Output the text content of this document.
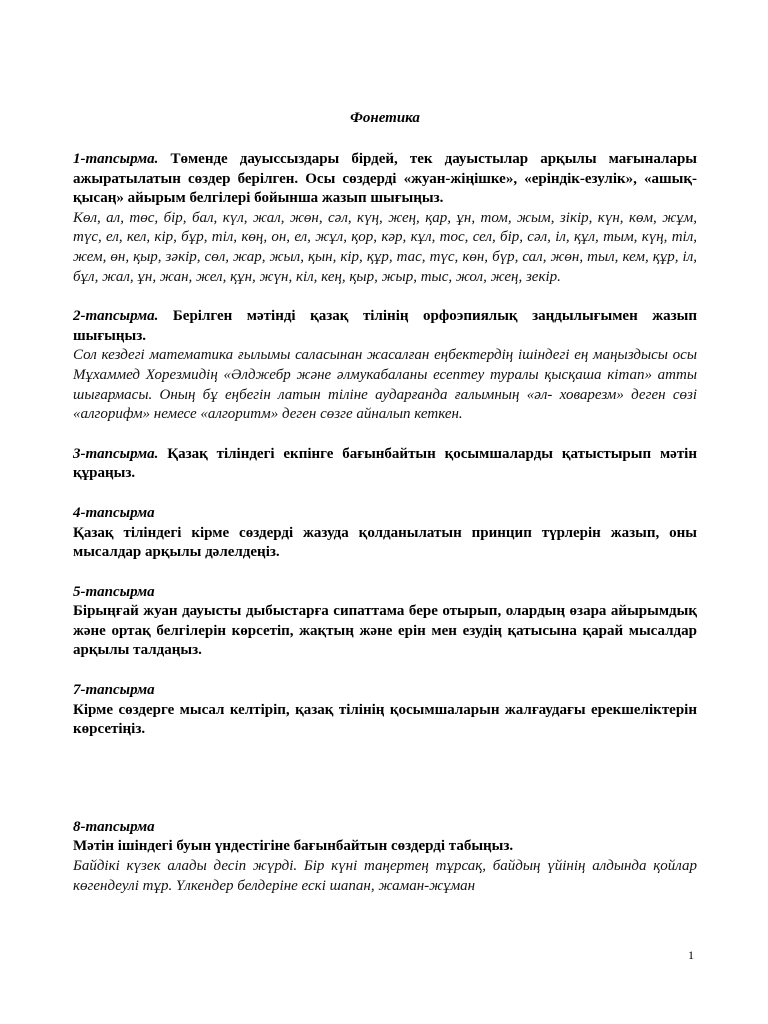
Фонетика

1-тапсырма. Төменде дауыссыздары бірдей, тек дауыстылар арқылы мағыналары ажыратылатын сөздер берілген. Осы сөздерді «жуан-жіңішке», «еріндік-езулік», «ашық-қысаң» айырым белгілері бойынша жазып шығыңыз.

Көл, ал, төс, бір, бал, күл, жал, жөн, сәл, күң, жең, қар, ұн, том, жым, зікір, күн, көм, жұм, түс, ел, кел, кір, бұр, тіл, көң, он, ел, жұл, қор, кәр, кұл, тос, сел, бір, сәл, іл, құл, тым, күң, тіл, жем, өн, қыр, зәкір, сөл, жар, жыл, қын, кір, құр, тас, түс, көн, бүр, сал, жөн, тыл, кем, құр, іл, бұл, жал, ұн, жан, жел, құн, жүн, кіл, кең, қыр, жыр, тыс, жол, жең, зекір.

2-тапсырма. Берілген мәтінді қазақ тілінің орфоэпиялық заңдылығымен жазып шығыңыз.

Сол кездегі математика ғылымы саласынан жасалған еңбектердің ішіндегі ең маңыздысы осы Мұхаммед Хорезмидің «Әлджебр және әлмукабаланы есептеу туралы қысқаша кітап» атты шығармасы. Оның бұ еңбегін латын тіліне аударғанда ғалымның «әл- ховарезм» деген сөзі «алгорифм» немесе «алгоритм» деген сөзге айналып кеткен.

3-тапсырма. Қазақ тіліндегі екпінге бағынбайтын қосымшаларды қатыстырып мәтін құраңыз.

4-тапсырма

Қазақ тіліндегі кірме сөздерді жазуда қолданылатын принцип түрлерін жазып, оны мысалдар арқылы дәлелдеңіз.

5-тапсырма

Бірыңғай жуан дауысты дыбыстарға сипаттама бере отырып, олардың өзара айырымдық және ортақ белгілерін көрсетіп, жақтың және ерін мен езудің қатысына қарай мысалдар арқылы талдаңыз.

7-тапсырма

Кірме сөздерге мысал келтіріп, қазақ тілінің қосымшаларын жалғаудағы ерекшеліктерін көрсетіңіз.

8-тапсырма

Мәтін ішіндегі буын үндестігіне бағынбайтын сөздерді табыңыз.

Байдікі күзек алады десіп жүрді. Бір күні таңертең тұрсақ, байдың үйінің алдында қойлар көгендеулі тұр. Үлкендер белдеріне ескі шапан, жаман-жұман

1
